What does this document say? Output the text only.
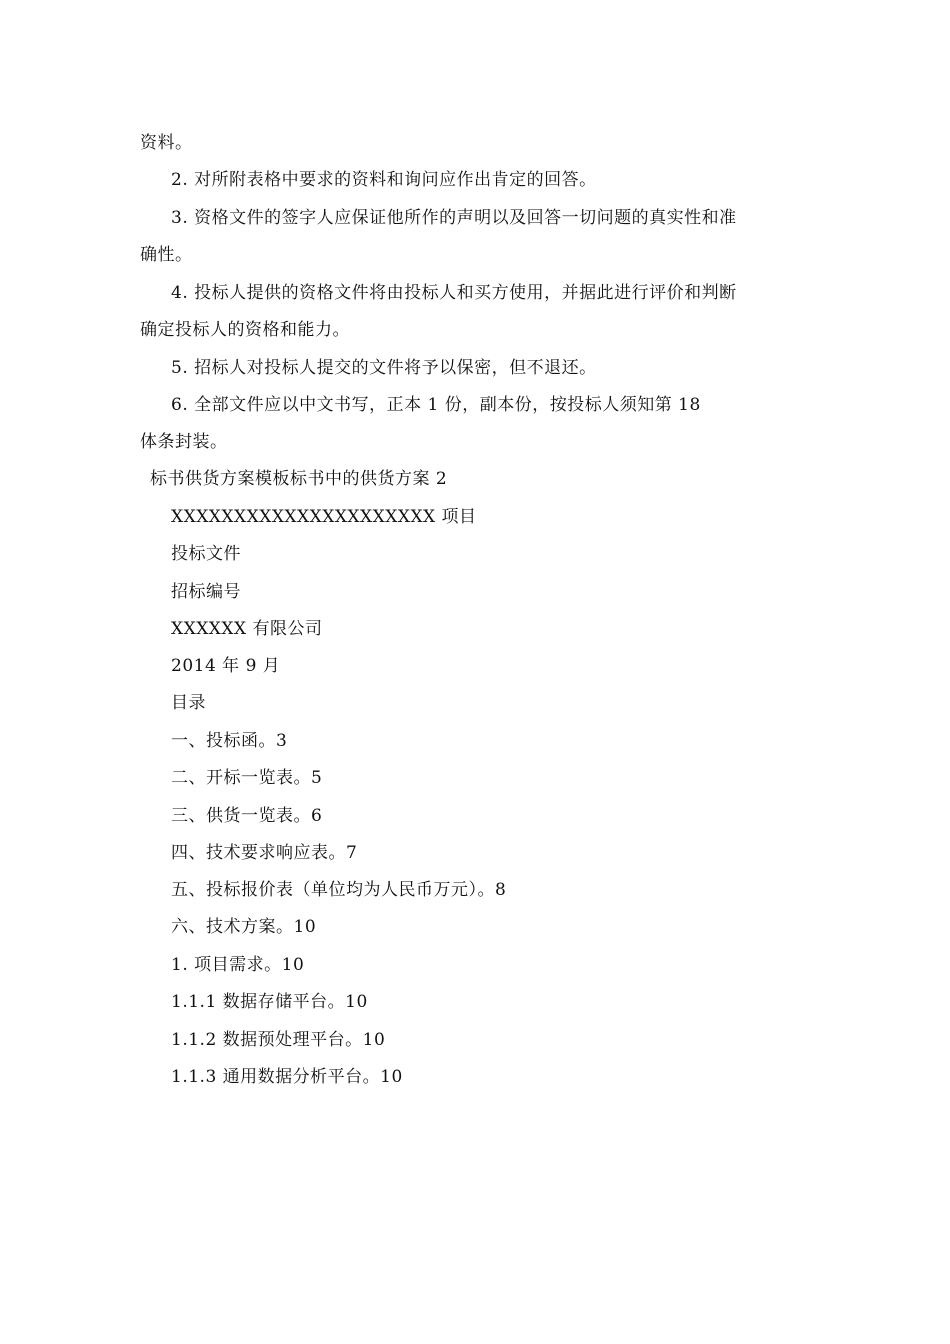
资料。
2. 对所附表格中要求的资料和询问应作出肯定的回答。
3. 资格文件的签字人应保证他所作的声明以及回答一切问题的真实性和准
确性。
4. 投标人提供的资格文件将由投标人和买方使用，并据此进行评价和判断
确定投标人的资格和能力。
5. 招标人对投标人提交的文件将予以保密，但不退还。
6. 全部文件应以中文书写，正本 1 份，副本份，按投标人须知第 18
体条封装。
标书供货方案模板标书中的供货方案 2
XXXXXXXXXXXXXXXXXXXXX 项目
投标文件
招标编号
XXXXXX 有限公司
2014 年 9 月
目录
一、投标函。3
二、开标一览表。5
三、供货一览表。6
四、技术要求响应表。7
五、投标报价表（单位均为人民币万元）。8
六、技术方案。10
1. 项目需求。10
1.1.1 数据存储平台。10
1.1.2 数据预处理平台。10
1.1.3 通用数据分析平台。10
